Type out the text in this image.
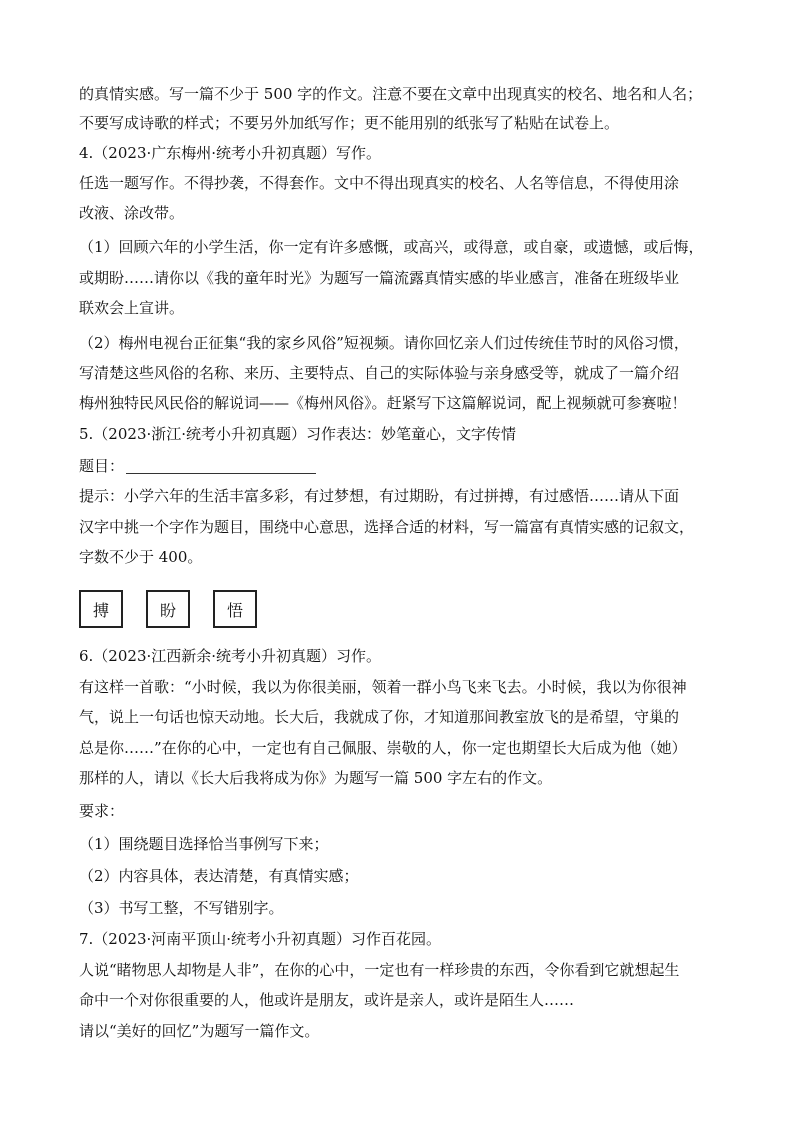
的真情实感。写一篇不少于 500 字的作文。注意不要在文章中出现真实的校名、地名和人名；
不要写成诗歌的样式；不要另外加纸写作；更不能用别的纸张写了粘贴在试卷上。
4.（2023·广东梅州·统考小升初真题）写作。
任选一题写作。不得抄袭，不得套作。文中不得出现真实的校名、人名等信息，不得使用涂
改液、涂改带。
（1）回顾六年的小学生活，你一定有许多感慨，或高兴，或得意，或自豪，或遗憾，或后悔，
或期盼……请你以《我的童年时光》为题写一篇流露真情实感的毕业感言，准备在班级毕业
联欢会上宣讲。
（2）梅州电视台正征集“我的家乡风俗”短视频。请你回忆亲人们过传统佳节时的风俗习惯，
写清楚这些风俗的名称、来历、主要特点、自己的实际体验与亲身感受等，就成了一篇介绍
梅州独特民风民俗的解说词——《梅州风俗》。赶紧写下这篇解说词，配上视频就可参赛啦！
5.（2023·浙江·统考小升初真题）习作表达：妙笔童心，文字传情
题目：
提示：小学六年的生活丰富多彩，有过梦想，有过期盼，有过拼搏，有过感悟……请从下面
汉字中挑一个字作为题目，围绕中心意思，选择合适的材料，写一篇富有真情实感的记叙文，
字数不少于 400。
搏	盼	悟
6.（2023·江西新余·统考小升初真题）习作。
有这样一首歌：“小时候，我以为你很美丽，领着一群小鸟飞来飞去。小时候，我以为你很神
气，说上一句话也惊天动地。长大后，我就成了你，才知道那间教室放飞的是希望，守巢的
总是你……”在你的心中，一定也有自己佩服、崇敬的人，你一定也期望长大后成为他（她）
那样的人，请以《长大后我将成为你》为题写一篇 500 字左右的作文。
要求：
（1）围绕题目选择恰当事例写下来；
（2）内容具体，表达清楚，有真情实感；
（3）书写工整，不写错别字。
7.（2023·河南平顶山·统考小升初真题）习作百花园。
人说“睹物思人却物是人非”，在你的心中，一定也有一样珍贵的东西，令你看到它就想起生
命中一个对你很重要的人，他或许是朋友，或许是亲人，或许是陌生人……
请以“美好的回忆”为题写一篇作文。
